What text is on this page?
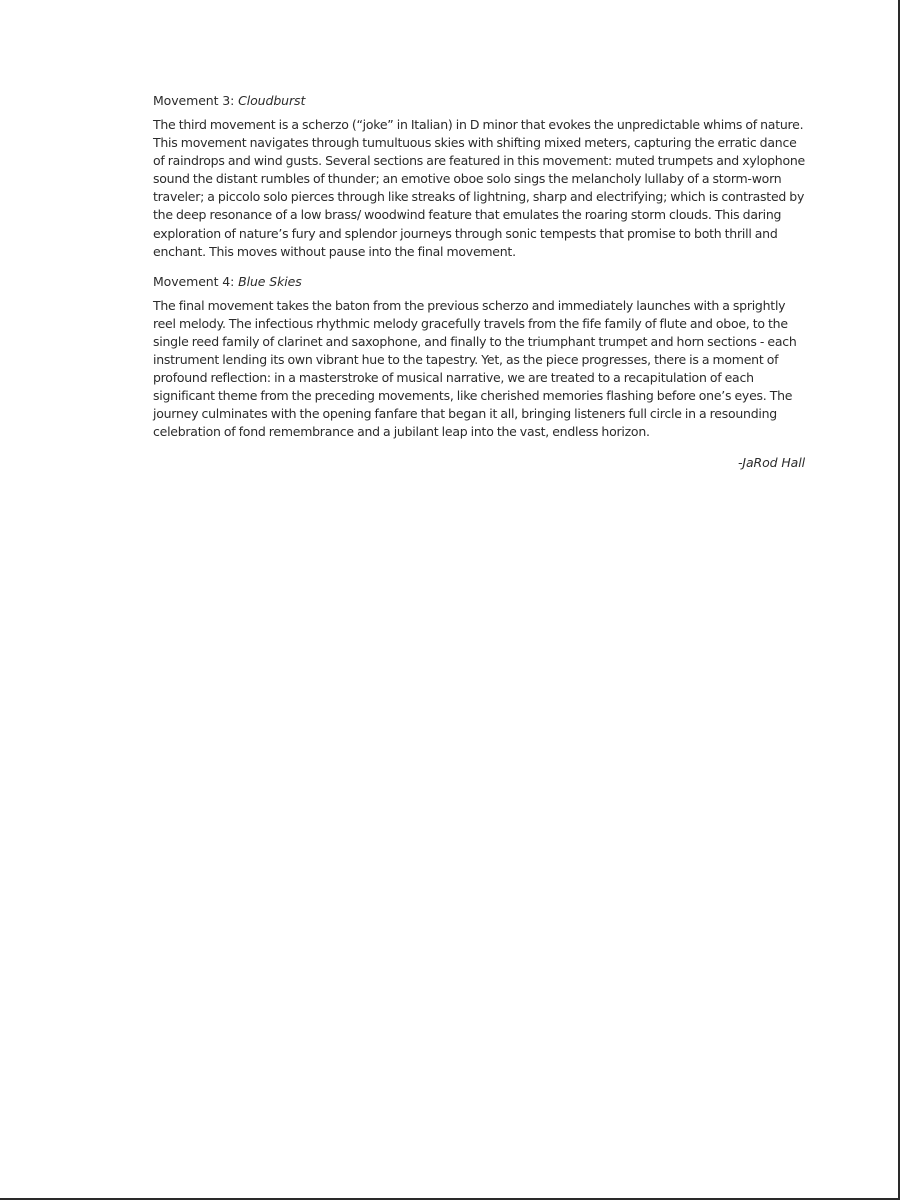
Movement 3: Cloudburst

The third movement is a scherzo (“joke” in Italian) in D minor that evokes the unpredictable whims of nature. This movement navigates through tumultuous skies with shifting mixed meters, capturing the erratic dance of raindrops and wind gusts. Several sections are featured in this movement: muted trumpets and xylophone sound the distant rumbles of thunder; an emotive oboe solo sings the melancholy lullaby of a storm-worn traveler; a piccolo solo pierces through like streaks of lightning, sharp and electrifying; which is contrasted by the deep resonance of a low brass/ woodwind feature that emulates the roaring storm clouds. This daring exploration of nature’s fury and splendor journeys through sonic tempests that promise to both thrill and enchant. This moves without pause into the final movement.

Movement 4: Blue Skies

The final movement takes the baton from the previous scherzo and immediately launches with a sprightly reel melody. The infectious rhythmic melody gracefully travels from the fife family of flute and oboe, to the single reed family of clarinet and saxophone, and finally to the triumphant trumpet and horn sections - each instrument lending its own vibrant hue to the tapestry. Yet, as the piece progresses, there is a moment of profound reflection: in a masterstroke of musical narrative, we are treated to a recapitulation of each significant theme from the preceding movements, like cherished memories flashing before one’s eyes. The journey culminates with the opening fanfare that began it all, bringing listeners full circle in a resounding celebration of fond remembrance and a jubilant leap into the vast, endless horizon.

-JaRod Hall
